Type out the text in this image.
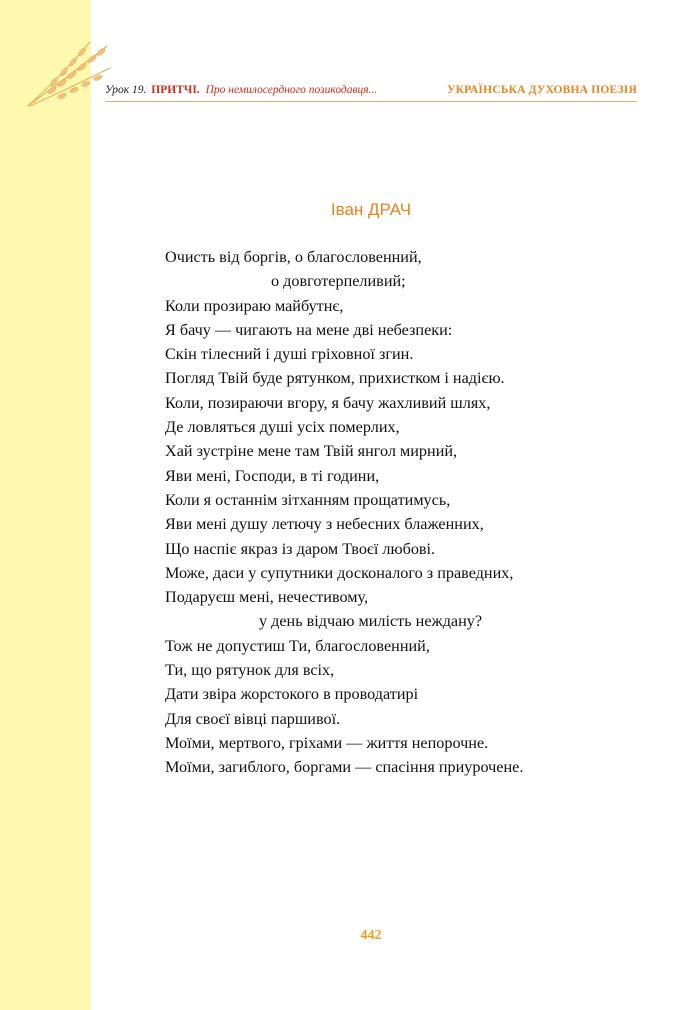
Урок 19. ПРИТЧІ. Про немилосердного позикодавця...	УКРАЇНСЬКА ДУХОВНА ПОЕЗІЯ
Іван ДРАЧ
Очисть від боргів, о благословенний,
о довготерпеливий;
Коли прозираю майбутнє,
Я бачу — чигають на мене дві небезпеки:
Скін тілесний і душі гріховної згин.
Погляд Твій буде рятунком, прихистком і надією.
Коли, позираючи вгору, я бачу жахливий шлях,
Де ловляться душі усіх померлих,
Хай зустріне мене там Твій янгол мирний,
Яви мені, Господи, в ті години,
Коли я останнім зітханням прощатимусь,
Яви мені душу летючу з небесних блаженних,
Що наспіє якраз із даром Твоєї любові.
Може, даси у супутники досконалого з праведних,
Подаруєш мені, нечестивому,
у день відчаю милість неждану?
Тож не допустиш Ти, благословенний,
Ти, що рятунок для всіх,
Дати звіра жорстокого в проводатирі
Для своєї вівці паршивої.
Моїми, мертвого, гріхами — життя непорочне.
Моїми, загиблого, боргами — спасіння приурочене.
442
